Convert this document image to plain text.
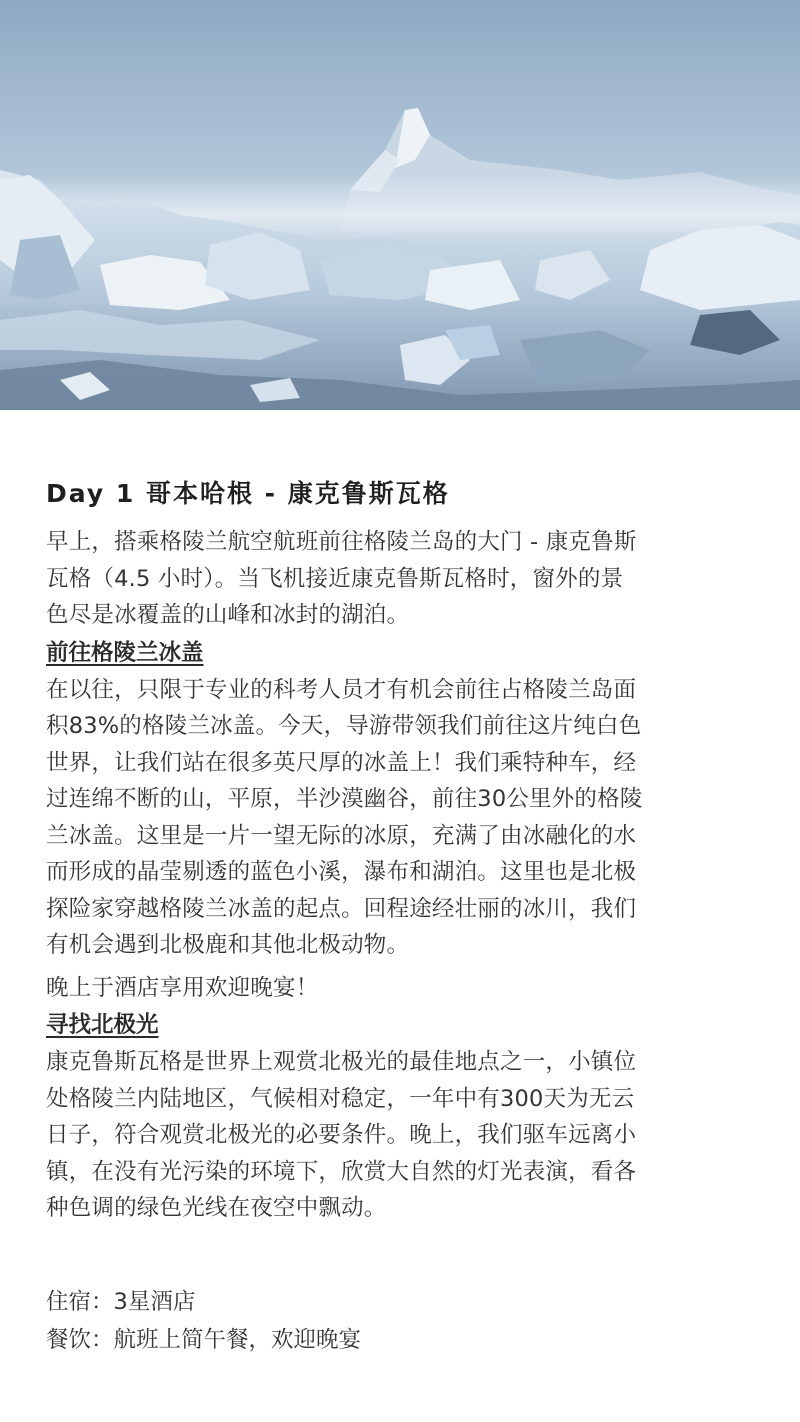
Day 1 哥本哈根 - 康克鲁斯瓦格

早上，搭乘格陵兰航空航班前往格陵兰岛的大门 - 康克鲁斯
瓦格（4.5 小时）。当飞机接近康克鲁斯瓦格时，窗外的景
色尽是冰覆盖的山峰和冰封的湖泊。

前往格陵兰冰盖

在以往，只限于专业的科考人员才有机会前往占格陵兰岛面
积83%的格陵兰冰盖。今天，导游带领我们前往这片纯白色
世界，让我们站在很多英尺厚的冰盖上！我们乘特种车，经
过连绵不断的山，平原，半沙漠幽谷，前往30公里外的格陵
兰冰盖。这里是一片一望无际的冰原，充满了由冰融化的水
而形成的晶莹剔透的蓝色小溪，瀑布和湖泊。这里也是北极
探险家穿越格陵兰冰盖的起点。回程途经壮丽的冰川，我们
有机会遇到北极鹿和其他北极动物。

晚上于酒店享用欢迎晚宴！

寻找北极光

康克鲁斯瓦格是世界上观赏北极光的最佳地点之一，小镇位
处格陵兰内陆地区，气候相对稳定，一年中有300天为无云
日子，符合观赏北极光的必要条件。晚上，我们驱车远离小
镇，在没有光污染的环境下，欣赏大自然的灯光表演，看各
种色调的绿色光线在夜空中飘动。

住宿：3星酒店

餐饮：航班上简午餐，欢迎晚宴
